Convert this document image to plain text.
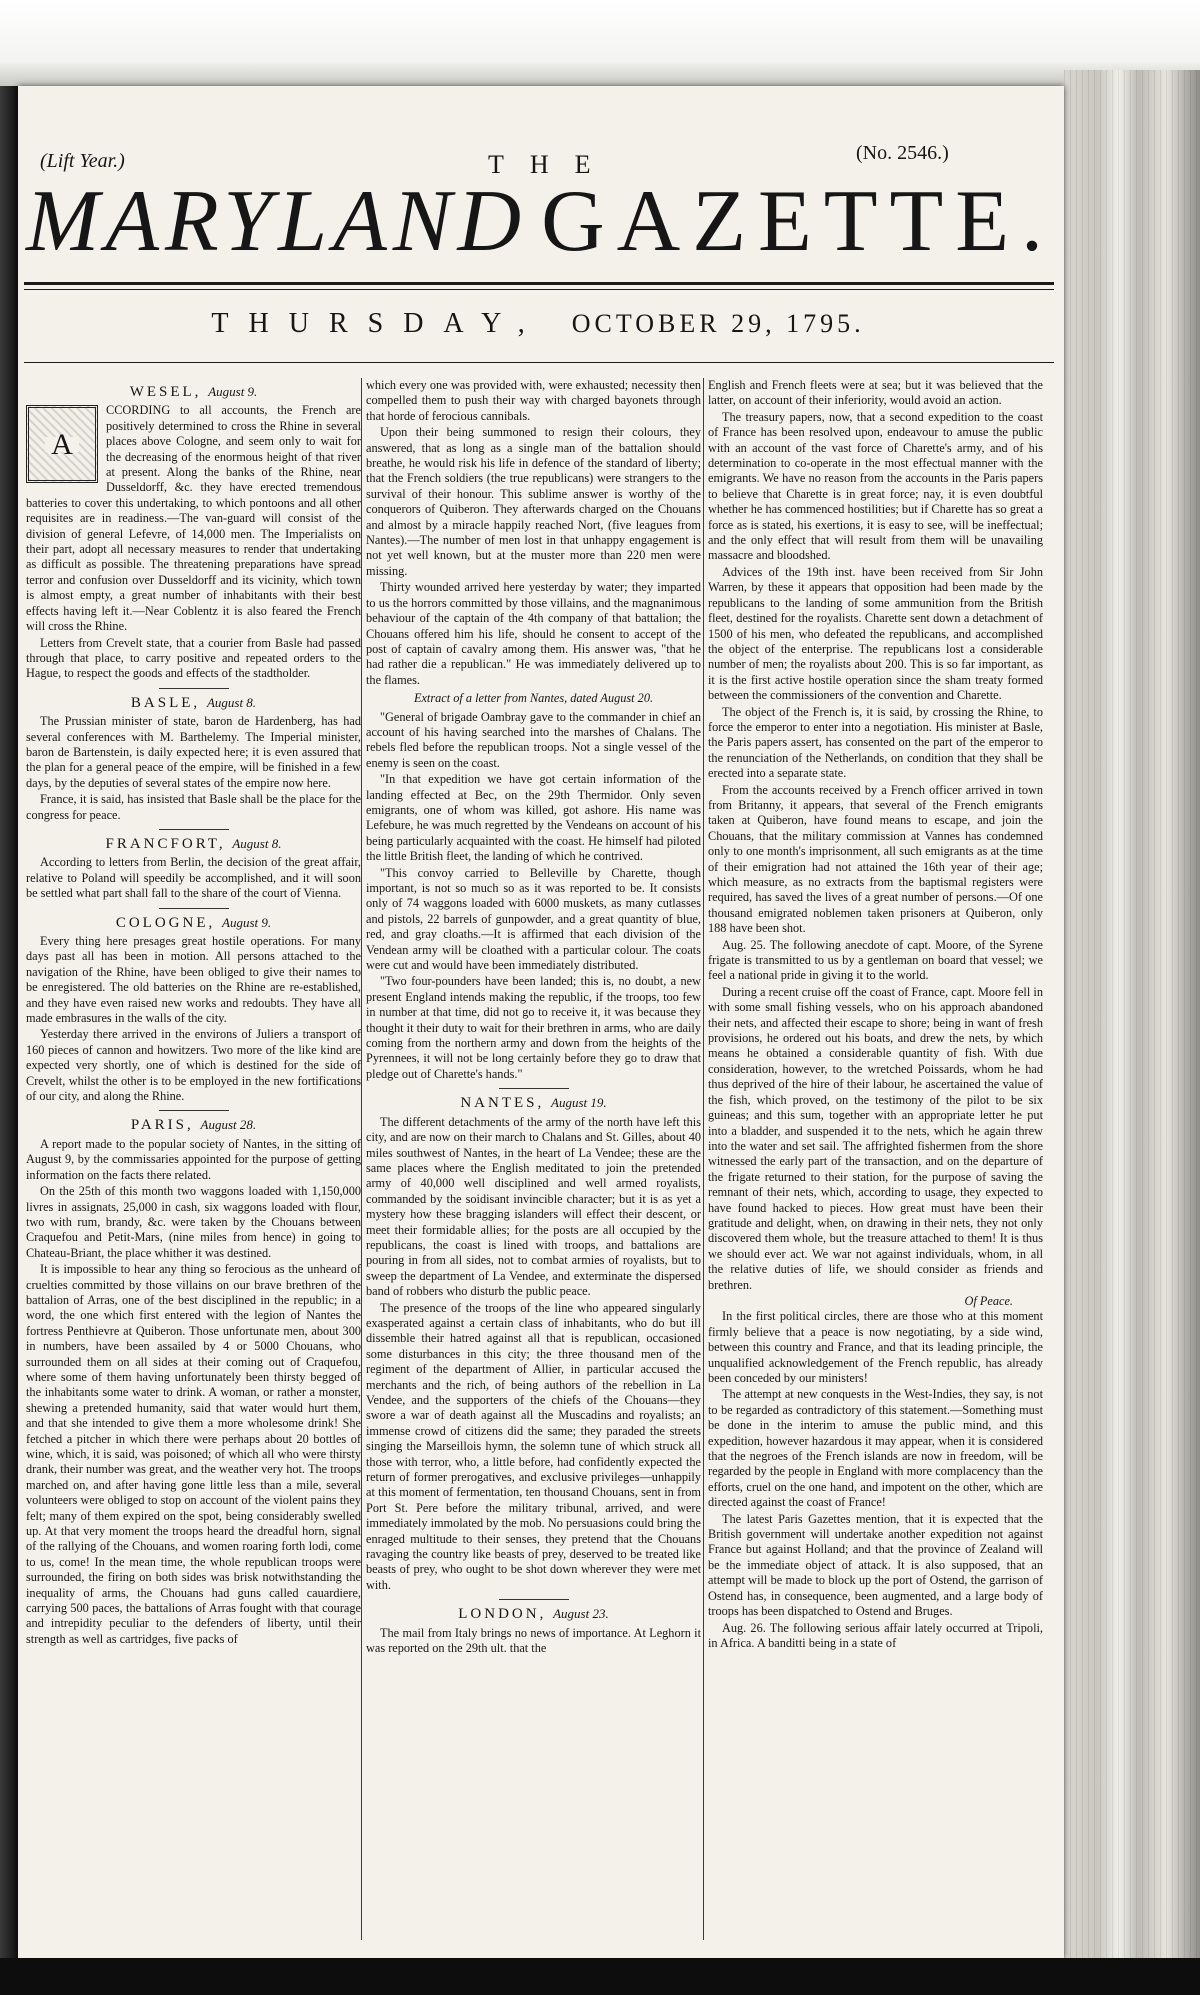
(Lift Year.)	THE	(No. 2546.)
MARYLAND GAZETTE.
THURSDAY, OCTOBER 29, 1795.
WESEL, August 9.
A

CCORDING to all accounts, the French are positively determined to cross the Rhine in several places above Cologne, and seem only to wait for the decreasing of the enormous height of that river at present. Along the banks of the Rhine, near Dusseldorff, &c. they have erected tremendous batteries to cover this undertaking, to which pontoons and all other requisites are in readiness.—The van-guard will consist of the division of general Lefevre, of 14,000 men. The Imperialists on their part, adopt all necessary measures to render that undertaking as difficult as possible. The threatening preparations have spread terror and confusion over Dusseldorff and its vicinity, which town is almost empty, a great number of inhabitants with their best effects having left it.—Near Coblentz it is also feared the French will cross the Rhine.

Letters from Crevelt state, that a courier from Basle had passed through that place, to carry positive and repeated orders to the Hague, to respect the goods and effects of the stadtholder.

BASLE, August 8.

The Prussian minister of state, baron de Hardenberg, has had several conferences with M. Barthelemy. The Imperial minister, baron de Bartenstein, is daily expected here; it is even assured that the plan for a general peace of the empire, will be finished in a few days, by the deputies of several states of the empire now here.

France, it is said, has insisted that Basle shall be the place for the congress for peace.

FRANCFORT, August 8.

According to letters from Berlin, the decision of the great affair, relative to Poland will speedily be accomplished, and it will soon be settled what part shall fall to the share of the court of Vienna.

COLOGNE, August 9.

Every thing here presages great hostile operations. For many days past all has been in motion. All persons attached to the navigation of the Rhine, have been obliged to give their names to be enregistered. The old batteries on the Rhine are re-established, and they have even raised new works and redoubts. They have all made embrasures in the walls of the city.

Yesterday there arrived in the environs of Juliers a transport of 160 pieces of cannon and howitzers. Two more of the like kind are expected very shortly, one of which is destined for the side of Crevelt, whilst the other is to be employed in the new fortifications of our city, and along the Rhine.

PARIS, August 28.

A report made to the popular society of Nantes, in the sitting of August 9, by the commissaries appointed for the purpose of getting information on the facts there related.

On the 25th of this month two waggons loaded with 1,150,000 livres in assignats, 25,000 in cash, six waggons loaded with flour, two with rum, brandy, &c. were taken by the Chouans between Craquefou and Petit-Mars, (nine miles from hence) in going to Chateau-Briant, the place whither it was destined.

It is impossible to hear any thing so ferocious as the unheard of cruelties committed by those villains on our brave brethren of the battalion of Arras, one of the best disciplined in the republic; in a word, the one which first entered with the legion of Nantes the fortress Penthievre at Quiberon. Those unfortunate men, about 300 in numbers, have been assailed by 4 or 5000 Chouans, who surrounded them on all sides at their coming out of Craquefou, where some of them having unfortunately been thirsty begged of the inhabitants some water to drink. A woman, or rather a monster, shewing a pretended humanity, said that water would hurt them, and that she intended to give them a more wholesome drink! She fetched a pitcher in which there were perhaps about 20 bottles of wine, which, it is said, was poisoned; of which all who were thirsty drank, their number was great, and the weather very hot. The troops marched on, and after having gone little less than a mile, several volunteers were obliged to stop on account of the violent pains they felt; many of them expired on the spot, being considerably swelled up. At that very moment the troops heard the dreadful horn, signal of the rallying of the Chouans, and women roaring forth lodi, come to us, come! In the mean time, the whole republican troops were surrounded, the firing on both sides was brisk notwithstanding the inequality of arms, the Chouans had guns called cauardiere, carrying 500 paces, the battalions of Arras fought with that courage and intrepidity peculiar to the defenders of liberty, until their strength as well as cartridges, five packs of

which every one was provided with, were exhausted; necessity then compelled them to push their way with charged bayonets through that horde of ferocious cannibals.

Upon their being summoned to resign their colours, they answered, that as long as a single man of the battalion should breathe, he would risk his life in defence of the standard of liberty; that the French soldiers (the true republicans) were strangers to the survival of their honour. This sublime answer is worthy of the conquerors of Quiberon. They afterwards charged on the Chouans and almost by a miracle happily reached Nort, (five leagues from Nantes).—The number of men lost in that unhappy engagement is not yet well known, but at the muster more than 220 men were missing.

Thirty wounded arrived here yesterday by water; they imparted to us the horrors committed by those villains, and the magnanimous behaviour of the captain of the 4th company of that battalion; the Chouans offered him his life, should he consent to accept of the post of captain of cavalry among them. His answer was, "that he had rather die a republican." He was immediately delivered up to the flames.

Extract of a letter from Nantes, dated August 20.

"General of brigade Oambray gave to the commander in chief an account of his having searched into the marshes of Chalans. The rebels fled before the republican troops. Not a single vessel of the enemy is seen on the coast.

"In that expedition we have got certain information of the landing effected at Bec, on the 29th Thermidor. Only seven emigrants, one of whom was killed, got ashore. His name was Lefebure, he was much regretted by the Vendeans on account of his being particularly acquainted with the coast. He himself had piloted the little British fleet, the landing of which he contrived.

"This convoy carried to Belleville by Charette, though important, is not so much so as it was reported to be. It consists only of 74 waggons loaded with 6000 muskets, as many cutlasses and pistols, 22 barrels of gunpowder, and a great quantity of blue, red, and gray cloaths.—It is affirmed that each division of the Vendean army will be cloathed with a particular colour. The coats were cut and would have been immediately distributed.

"Two four-pounders have been landed; this is, no doubt, a new present England intends making the republic, if the troops, too few in number at that time, did not go to receive it, it was because they thought it their duty to wait for their brethren in arms, who are daily coming from the northern army and down from the heights of the Pyrennees, it will not be long certainly before they go to draw that pledge out of Charette's hands."

NANTES, August 19.

The different detachments of the army of the north have left this city, and are now on their march to Chalans and St. Gilles, about 40 miles southwest of Nantes, in the heart of La Vendee; these are the same places where the English meditated to join the pretended army of 40,000 well disciplined and well armed royalists, commanded by the soidisant invincible character; but it is as yet a mystery how these bragging islanders will effect their descent, or meet their formidable allies; for the posts are all occupied by the republicans, the coast is lined with troops, and battalions are pouring in from all sides, not to combat armies of royalists, but to sweep the department of La Vendee, and exterminate the dispersed band of robbers who disturb the public peace.

The presence of the troops of the line who appeared singularly exasperated against a certain class of inhabitants, who do but ill dissemble their hatred against all that is republican, occasioned some disturbances in this city; the three thousand men of the regiment of the department of Allier, in particular accused the merchants and the rich, of being authors of the rebellion in La Vendee, and the supporters of the chiefs of the Chouans—they swore a war of death against all the Muscadins and royalists; an immense crowd of citizens did the same; they paraded the streets singing the Marseillois hymn, the solemn tune of which struck all those with terror, who, a little before, had confidently expected the return of former prerogatives, and exclusive privileges—unhappily at this moment of fermentation, ten thousand Chouans, sent in from Port St. Pere before the military tribunal, arrived, and were immediately immolated by the mob. No persuasions could bring the enraged multitude to their senses, they pretend that the Chouans ravaging the country like beasts of prey, deserved to be treated like beasts of prey, who ought to be shot down wherever they were met with.

LONDON, August 23.

The mail from Italy brings no news of importance. At Leghorn it was reported on the 29th ult. that the

English and French fleets were at sea; but it was believed that the latter, on account of their inferiority, would avoid an action.

The treasury papers, now, that a second expedition to the coast of France has been resolved upon, endeavour to amuse the public with an account of the vast force of Charette's army, and of his determination to co-operate in the most effectual manner with the emigrants. We have no reason from the accounts in the Paris papers to believe that Charette is in great force; nay, it is even doubtful whether he has commenced hostilities; but if Charette has so great a force as is stated, his exertions, it is easy to see, will be ineffectual; and the only effect that will result from them will be unavailing massacre and bloodshed.

Advices of the 19th inst. have been received from Sir John Warren, by these it appears that opposition had been made by the republicans to the landing of some ammunition from the British fleet, destined for the royalists. Charette sent down a detachment of 1500 of his men, who defeated the republicans, and accomplished the object of the enterprise. The republicans lost a considerable number of men; the royalists about 200. This is so far important, as it is the first active hostile operation since the sham treaty formed between the commissioners of the convention and Charette.

The object of the French is, it is said, by crossing the Rhine, to force the emperor to enter into a negotiation. His minister at Basle, the Paris papers assert, has consented on the part of the emperor to the renunciation of the Netherlands, on condition that they shall be erected into a separate state.

From the accounts received by a French officer arrived in town from Britanny, it appears, that several of the French emigrants taken at Quiberon, have found means to escape, and join the Chouans, that the military commission at Vannes has condemned only to one month's imprisonment, all such emigrants as at the time of their emigration had not attained the 16th year of their age; which measure, as no extracts from the baptismal registers were required, has saved the lives of a great number of persons.—Of one thousand emigrated noblemen taken prisoners at Quiberon, only 188 have been shot.

Aug. 25. The following anecdote of capt. Moore, of the Syrene frigate is transmitted to us by a gentleman on board that vessel; we feel a national pride in giving it to the world.

During a recent cruise off the coast of France, capt. Moore fell in with some small fishing vessels, who on his approach abandoned their nets, and affected their escape to shore; being in want of fresh provisions, he ordered out his boats, and drew the nets, by which means he obtained a considerable quantity of fish. With due consideration, however, to the wretched Poissards, whom he had thus deprived of the hire of their labour, he ascertained the value of the fish, which proved, on the testimony of the pilot to be six guineas; and this sum, together with an appropriate letter he put into a bladder, and suspended it to the nets, which he again threw into the water and set sail. The affrighted fishermen from the shore witnessed the early part of the transaction, and on the departure of the frigate returned to their station, for the purpose of saving the remnant of their nets, which, according to usage, they expected to have found hacked to pieces. How great must have been their gratitude and delight, when, on drawing in their nets, they not only discovered them whole, but the treasure attached to them! It is thus we should ever act. We war not against individuals, whom, in all the relative duties of life, we should consider as friends and brethren.

Of Peace.

In the first political circles, there are those who at this moment firmly believe that a peace is now negotiating, by a side wind, between this country and France, and that its leading principle, the unqualified acknowledgement of the French republic, has already been conceded by our ministers!

The attempt at new conquests in the West-Indies, they say, is not to be regarded as contradictory of this statement.—Something must be done in the interim to amuse the public mind, and this expedition, however hazardous it may appear, when it is considered that the negroes of the French islands are now in freedom, will be regarded by the people in England with more complacency than the efforts, cruel on the one hand, and impotent on the other, which are directed against the coast of France!

The latest Paris Gazettes mention, that it is expected that the British government will undertake another expedition not against France but against Holland; and that the province of Zealand will be the immediate object of attack. It is also supposed, that an attempt will be made to block up the port of Ostend, the garrison of Ostend has, in consequence, been augmented, and a large body of troops has been dispatched to Ostend and Bruges.

Aug. 26. The following serious affair lately occurred at Tripoli, in Africa. A banditti being in a state of
